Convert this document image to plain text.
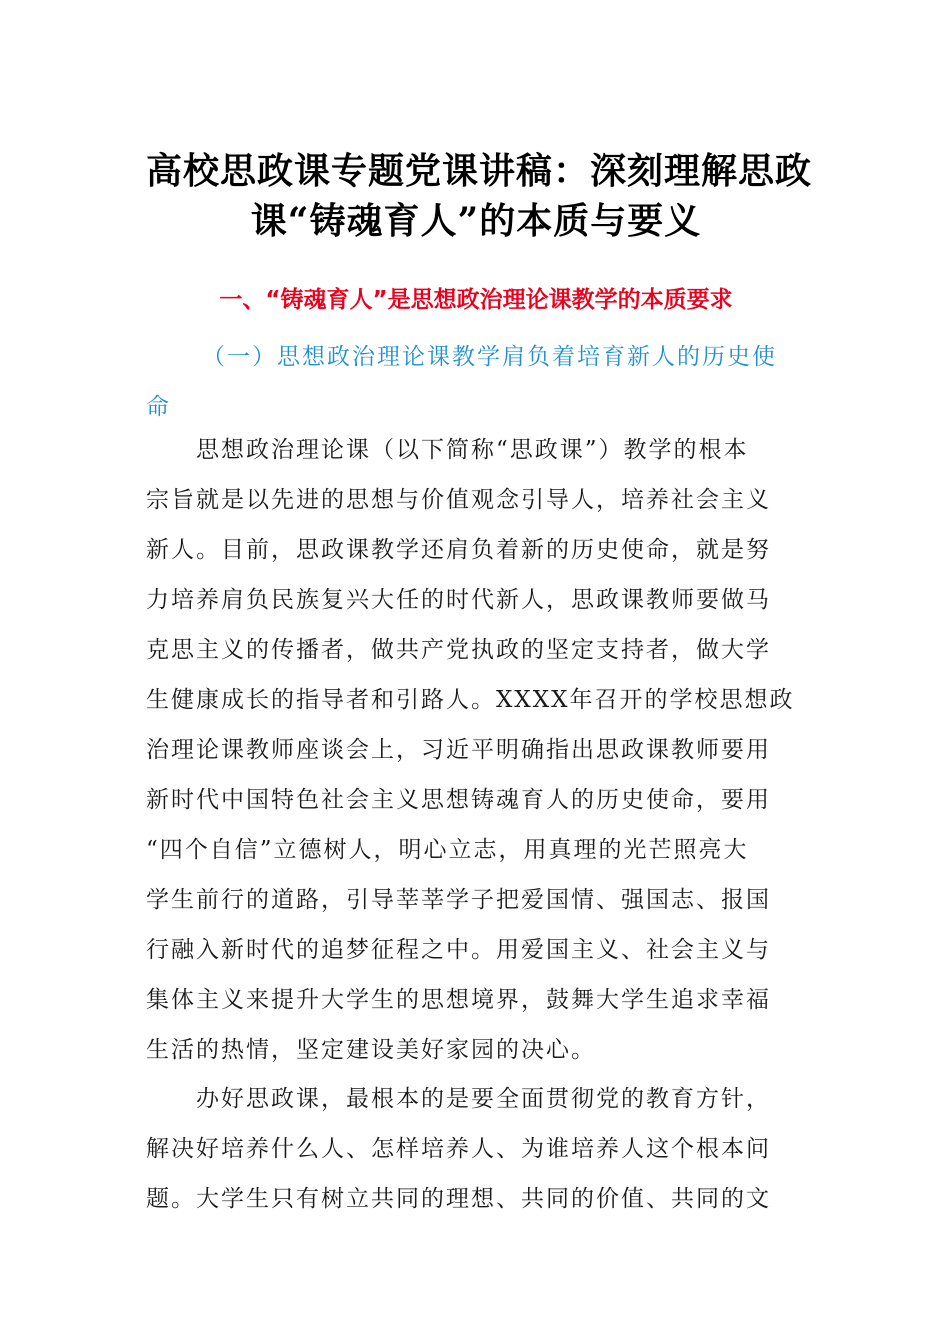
高校思政课专题党课讲稿：深刻理解思政
课“铸魂育人”的本质与要义
一、“铸魂育人”是思想政治理论课教学的本质要求
（一）思想政治理论课教学肩负着培育新人的历史使
命
思想政治理论课（以下简称“思政课”）教学的根本
宗旨就是以先进的思想与价值观念引导人，培养社会主义
新人。目前，思政课教学还肩负着新的历史使命，就是努
力培养肩负民族复兴大任的时代新人，思政课教师要做马
克思主义的传播者，做共产党执政的坚定支持者，做大学
生健康成长的指导者和引路人。XXXX年召开的学校思想政
治理论课教师座谈会上，习近平明确指出思政课教师要用
新时代中国特色社会主义思想铸魂育人的历史使命，要用
“四个自信”立德树人，明心立志，用真理的光芒照亮大
学生前行的道路，引导莘莘学子把爱国情、强国志、报国
行融入新时代的追梦征程之中。用爱国主义、社会主义与
集体主义来提升大学生的思想境界，鼓舞大学生追求幸福
生活的热情，坚定建设美好家园的决心。
办好思政课，最根本的是要全面贯彻党的教育方针，
解决好培养什么人、怎样培养人、为谁培养人这个根本问
题。大学生只有树立共同的理想、共同的价值、共同的文
